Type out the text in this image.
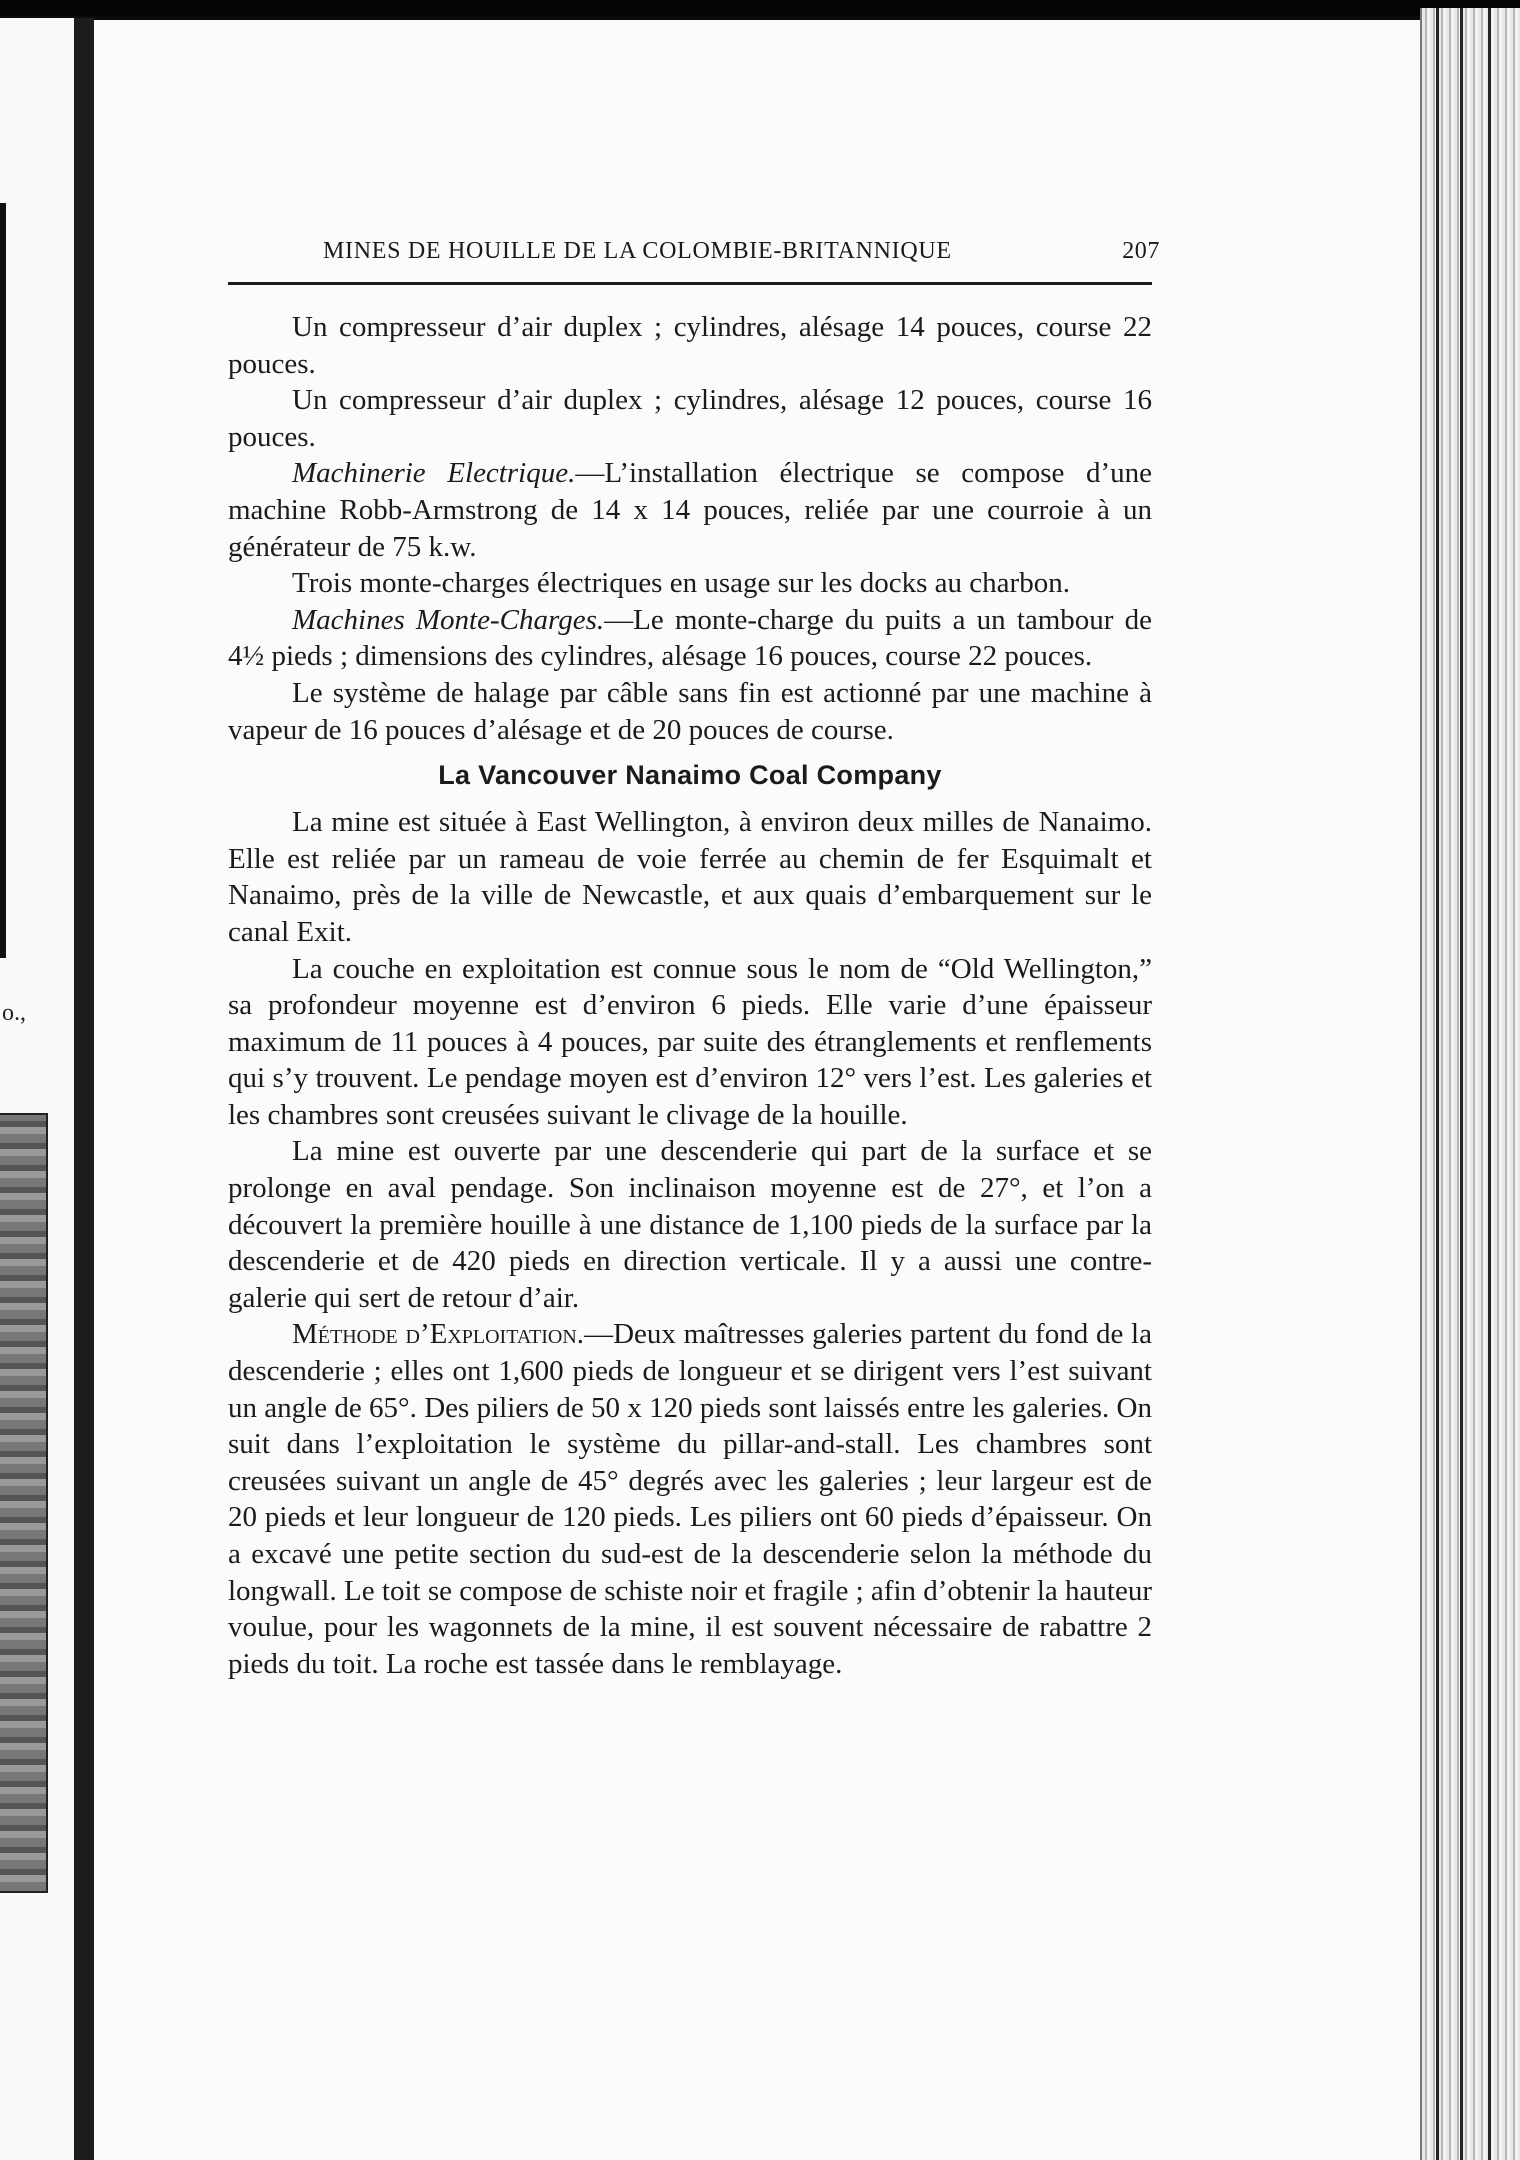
o.,
MINES DE HOUILLE DE LA COLOMBIE-BRITANNIQUE	207

Un compresseur d’air duplex ; cylindres, alésage 14 pouces, course 22 pouces.

Un compresseur d’air duplex ; cylindres, alésage 12 pouces, course 16 pouces.

Machinerie Electrique.—L’installation électrique se compose d’une machine Robb-Armstrong de 14 x 14 pouces, reliée par une courroie à un générateur de 75 k.w.

Trois monte-charges électriques en usage sur les docks au charbon.

Machines Monte-Charges.—Le monte-charge du puits a un tambour de 4½ pieds ; dimensions des cylindres, alésage 16 pouces, course 22 pouces.

Le système de halage par câble sans fin est actionné par une machine à vapeur de 16 pouces d’alésage et de 20 pouces de course.

La Vancouver Nanaimo Coal Company

La mine est située à East Wellington, à environ deux milles de Nanaimo. Elle est reliée par un rameau de voie ferrée au chemin de fer Esquimalt et Nanaimo, près de la ville de Newcastle, et aux quais d’embarquement sur le canal Exit.

La couche en exploitation est connue sous le nom de “Old Wellington,” sa profondeur moyenne est d’environ 6 pieds. Elle varie d’une épaisseur maximum de 11 pouces à 4 pouces, par suite des étranglements et renflements qui s’y trouvent. Le pendage moyen est d’environ 12° vers l’est. Les galeries et les chambres sont creusées suivant le clivage de la houille.

La mine est ouverte par une descenderie qui part de la surface et se prolonge en aval pendage. Son inclinaison moyenne est de 27°, et l’on a découvert la première houille à une distance de 1,100 pieds de la surface par la descenderie et de 420 pieds en direction verticale. Il y a aussi une contre-galerie qui sert de retour d’air.

Méthode d’Exploitation.—Deux maîtresses galeries partent du fond de la descenderie ; elles ont 1,600 pieds de longueur et se dirigent vers l’est suivant un angle de 65°. Des piliers de 50 x 120 pieds sont laissés entre les galeries. On suit dans l’exploitation le système du pillar-and-stall. Les chambres sont creusées suivant un angle de 45° degrés avec les galeries ; leur largeur est de 20 pieds et leur longueur de 120 pieds. Les piliers ont 60 pieds d’épaisseur. On a excavé une petite section du sud-est de la descenderie selon la méthode du longwall. Le toit se compose de schiste noir et fragile ; afin d’obtenir la hauteur voulue, pour les wagonnets de la mine, il est souvent nécessaire de rabattre 2 pieds du toit. La roche est tassée dans le remblayage.
